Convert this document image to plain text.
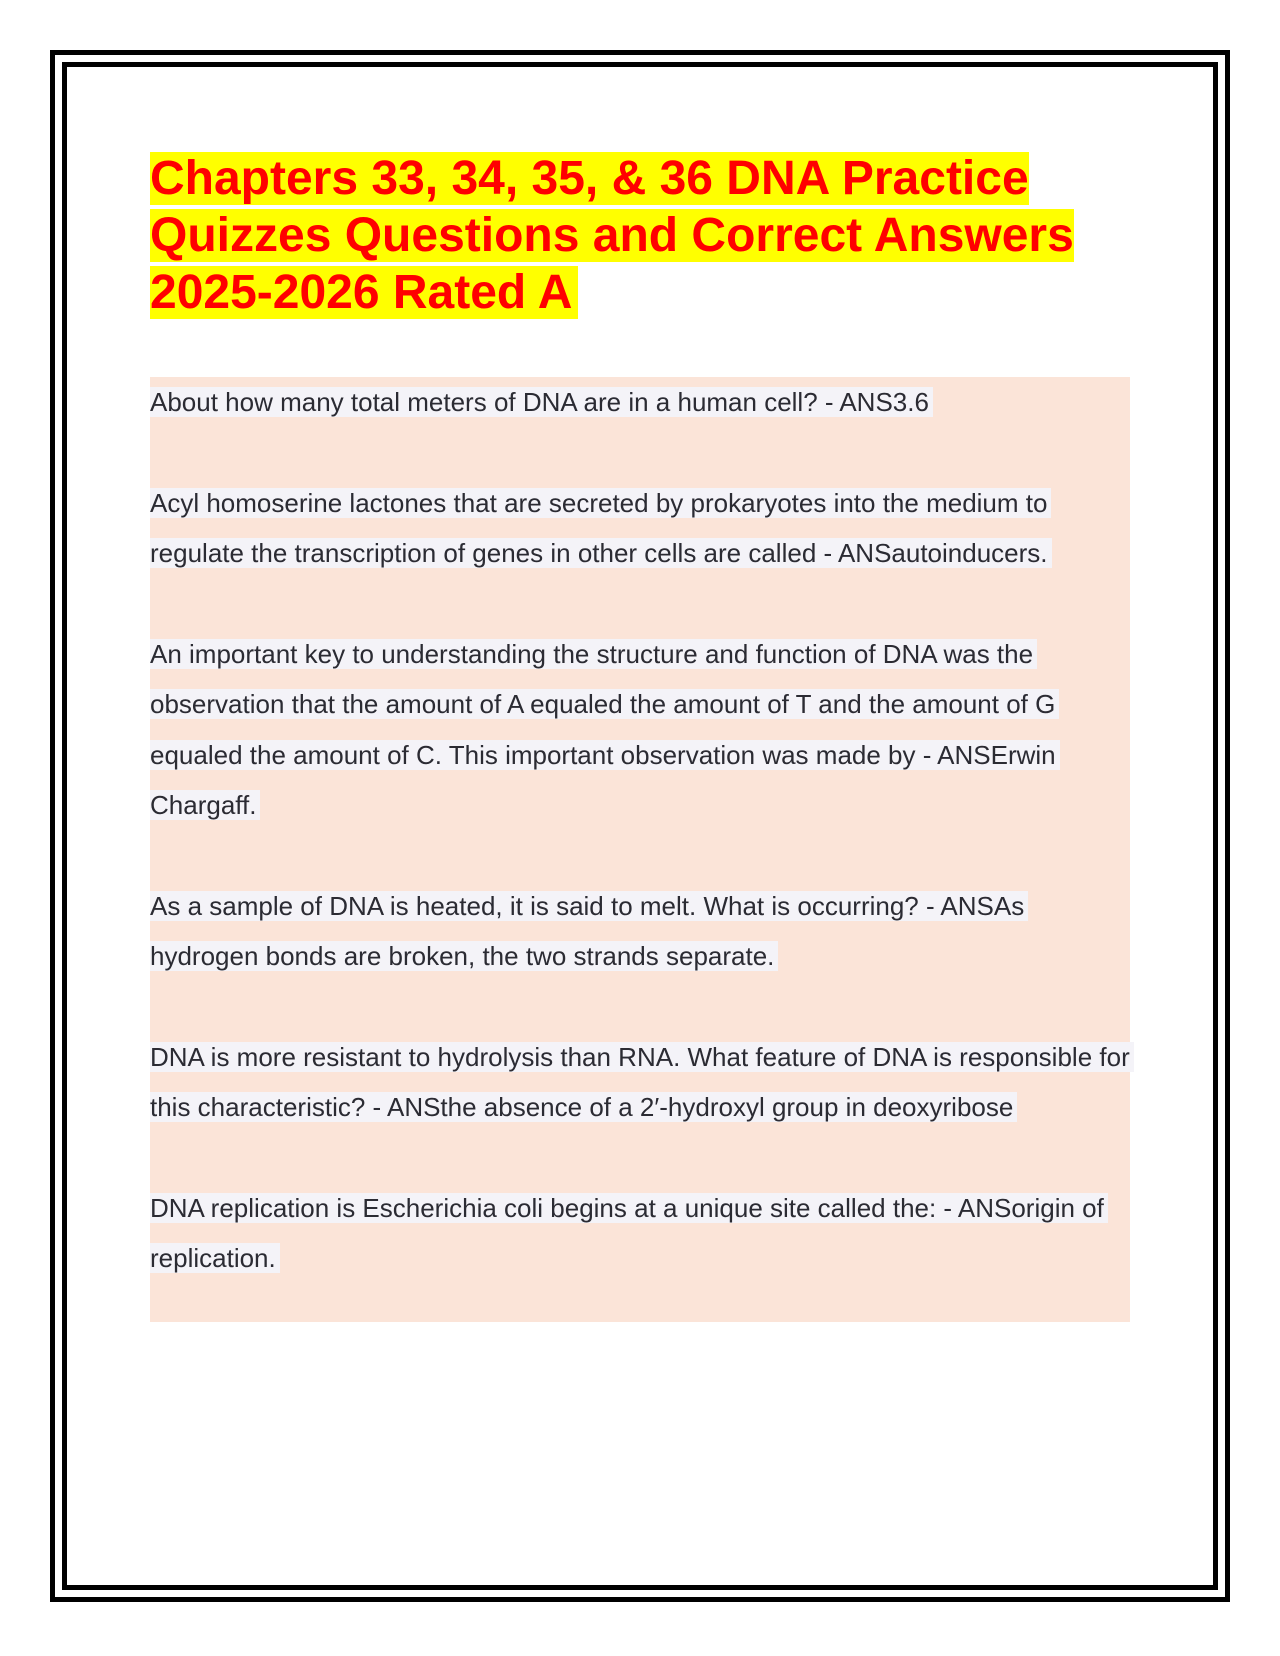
Chapters 33, 34, 35, & 36 DNA Practice Quizzes Questions and Correct Answers 2025-2026 Rated A

About how many total meters of DNA are in a human cell? - ANS3.6

Acyl homoserine lactones that are secreted by prokaryotes into the medium to regulate the transcription of genes in other cells are called - ANSautoinducers.

An important key to understanding the structure and function of DNA was the observation that the amount of A equaled the amount of T and the amount of G equaled the amount of C. This important observation was made by - ANSErwin Chargaff.

As a sample of DNA is heated, it is said to melt. What is occurring? - ANSAs hydrogen bonds are broken, the two strands separate.

DNA is more resistant to hydrolysis than RNA. What feature of DNA is responsible for this characteristic? - ANSthe absence of a 2′-hydroxyl group in deoxyribose

DNA replication is Escherichia coli begins at a unique site called the: - ANSorigin of replication.
